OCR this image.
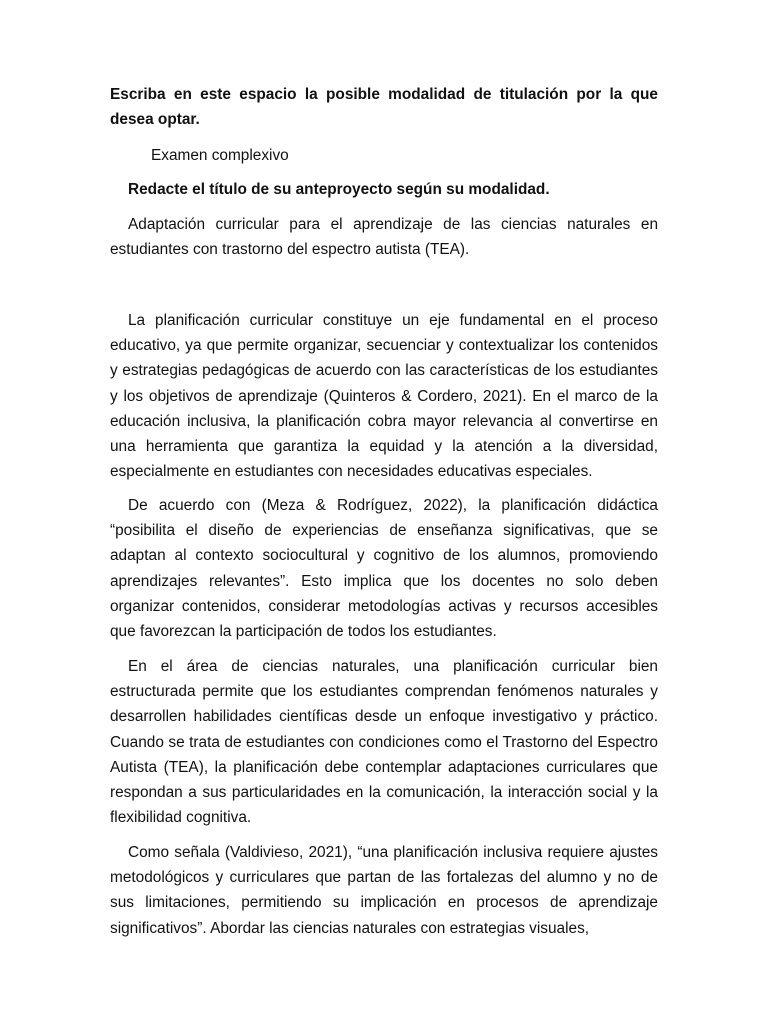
Escriba en este espacio la posible modalidad de titulación por la que desea optar.

Examen complexivo

Redacte el título de su anteproyecto según su modalidad.

Adaptación curricular para el aprendizaje de las ciencias naturales en estudiantes con trastorno del espectro autista (TEA).

La planificación curricular constituye un eje fundamental en el proceso educativo, ya que permite organizar, secuenciar y contextualizar los contenidos y estrategias pedagógicas de acuerdo con las características de los estudiantes y los objetivos de aprendizaje (Quinteros & Cordero, 2021). En el marco de la educación inclusiva, la planificación cobra mayor relevancia al convertirse en una herramienta que garantiza la equidad y la atención a la diversidad, especialmente en estudiantes con necesidades educativas especiales.

De acuerdo con (Meza & Rodríguez, 2022), la planificación didáctica “posibilita el diseño de experiencias de enseñanza significativas, que se adaptan al contexto sociocultural y cognitivo de los alumnos, promoviendo aprendizajes relevantes”. Esto implica que los docentes no solo deben organizar contenidos, considerar metodologías activas y recursos accesibles que favorezcan la participación de todos los estudiantes.

En el área de ciencias naturales, una planificación curricular bien estructurada permite que los estudiantes comprendan fenómenos naturales y desarrollen habilidades científicas desde un enfoque investigativo y práctico. Cuando se trata de estudiantes con condiciones como el Trastorno del Espectro Autista (TEA), la planificación debe contemplar adaptaciones curriculares que respondan a sus particularidades en la comunicación, la interacción social y la flexibilidad cognitiva.

Como señala (Valdivieso, 2021), “una planificación inclusiva requiere ajustes metodológicos y curriculares que partan de las fortalezas del alumno y no de sus limitaciones, permitiendo su implicación en procesos de aprendizaje significativos”. Abordar las ciencias naturales con estrategias visuales,
